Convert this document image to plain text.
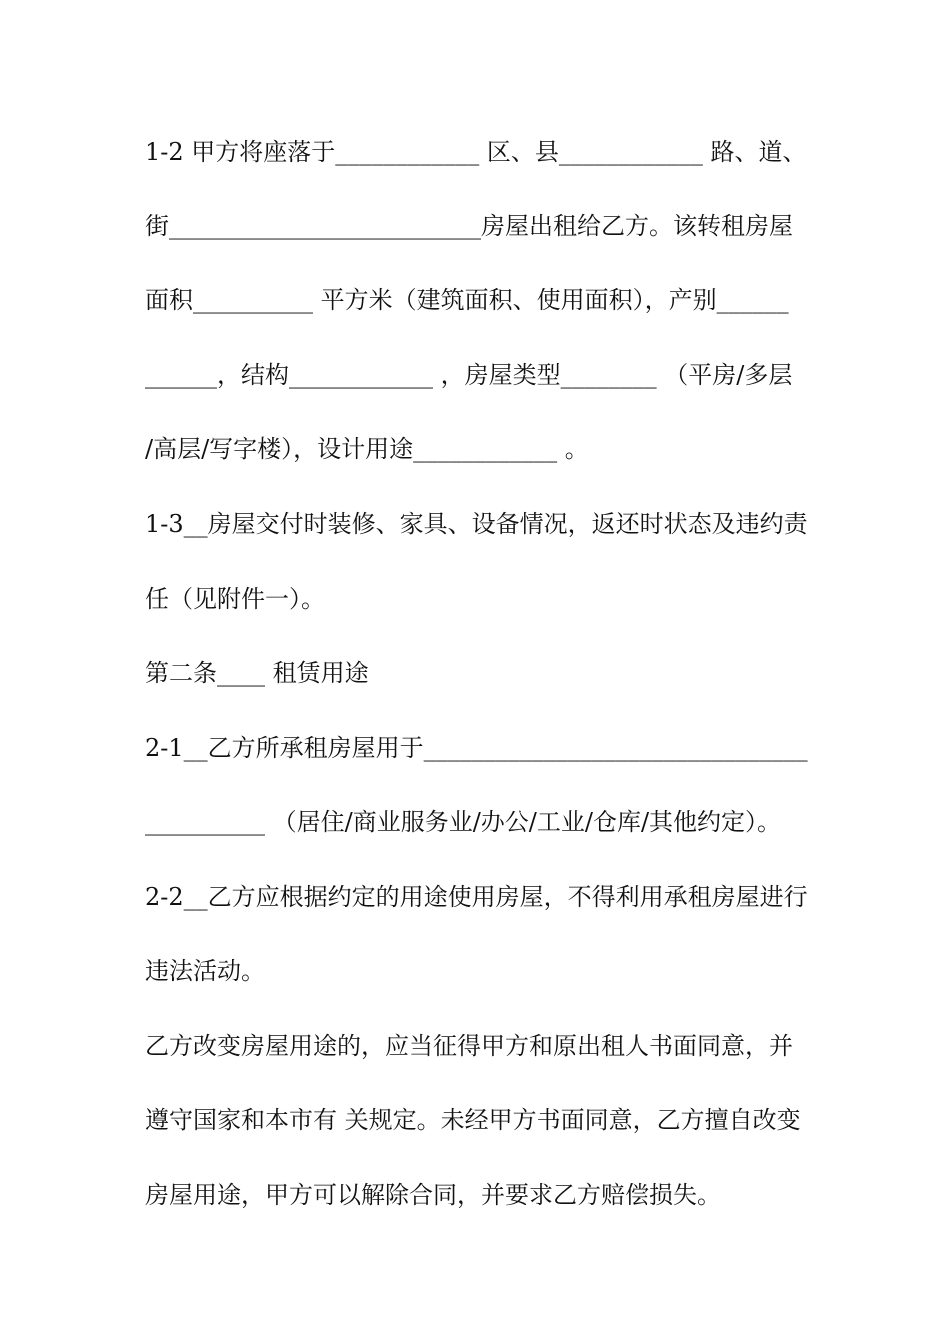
1-2 甲方将座落于____________ 区、县____________ 路、道、
街__________________________房屋出租给乙方。该转租房屋
面积__________ 平方米（建筑面积、使用面积），产别______
______，结构____________ ，房屋类型________ （平房/多层
/高层/写字楼），设计用途____________ 。
1-3__房屋交付时装修、家具、设备情况，返还时状态及违约责
任（见附件一）。
第二条____ 租赁用途
2-1__乙方所承租房屋用于________________________________
__________ （居住/商业服务业/办公/工业/仓库/其他约定）。
2-2__乙方应根据约定的用途使用房屋，不得利用承租房屋进行
违法活动。
乙方改变房屋用途的，应当征得甲方和原出租人书面同意，并
遵守国家和本市有 关规定。未经甲方书面同意，乙方擅自改变
房屋用途，甲方可以解除合同，并要求乙方赔偿损失。
